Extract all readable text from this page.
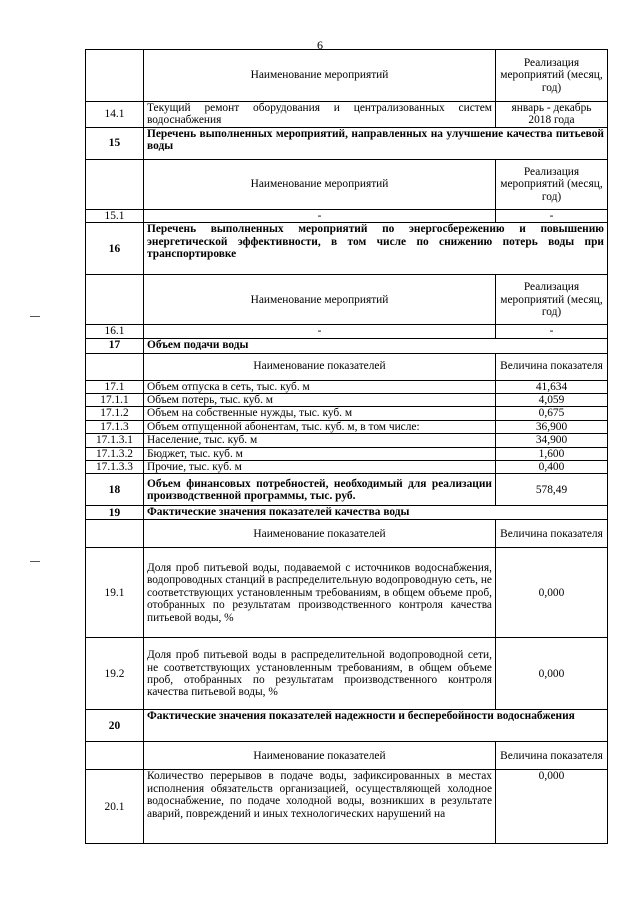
6
	Наименование мероприятий	Реализация мероприятий (месяц, год)
14.1	Текущий ремонт оборудования и централизованных систем водоснабжения	январь - декабрь 2018 года
15	Перечень выполненных мероприятий, направленных на улучшение качества питьевой воды	
	Наименование мероприятий	Реализация мероприятий (месяц, год)
15.1	-	-
16	Перечень выполненных мероприятий по энергосбережению и повышению энергетической эффективности, в том числе по снижению потерь воды при транспортировке	
	Наименование мероприятий	Реализация мероприятий (месяц, год)
16.1	-	-
17	Объем подачи воды	
	Наименование показателей	Величина показателя
17.1	Объем отпуска в сеть, тыс. куб. м	41,634
17.1.1	Объем потерь, тыс. куб. м	4,059
17.1.2	Объем на собственные нужды, тыс. куб. м	0,675
17.1.3	Объем отпущенной абонентам, тыс. куб. м, в том числе:	36,900
17.1.3.1	Население, тыс. куб. м	34,900
17.1.3.2	Бюджет, тыс. куб. м	1,600
17.1.3.3	Прочие, тыс. куб. м	0,400
18	Объем финансовых потребностей, необходимый для реализации производственной программы, тыс. руб.	578,49
19	Фактические значения показателей качества воды	
	Наименование показателей	Величина показателя
19.1	Доля проб питьевой воды, подаваемой с источников водоснабжения, водопроводных станций в распределительную водопроводную сеть, не соответствующих установленным требованиям, в общем объеме проб, отобранных по результатам производственного контроля качества питьевой воды, %	0,000
19.2	Доля проб питьевой воды в распределительной водопроводной сети, не соответствующих установленным требованиям, в общем объеме проб, отобранных по результатам производственного контроля качества питьевой воды, %	0,000
20	Фактические значения показателей надежности и бесперебойности водоснабжения	
	Наименование показателей	Величина показателя
20.1	Количество перерывов в подаче воды, зафиксированных в местах исполнения обязательств организацией, осуществляющей холодное водоснабжение, по подаче холодной воды, возникших в результате аварий, повреждений и иных технологических нарушений на	0,000
